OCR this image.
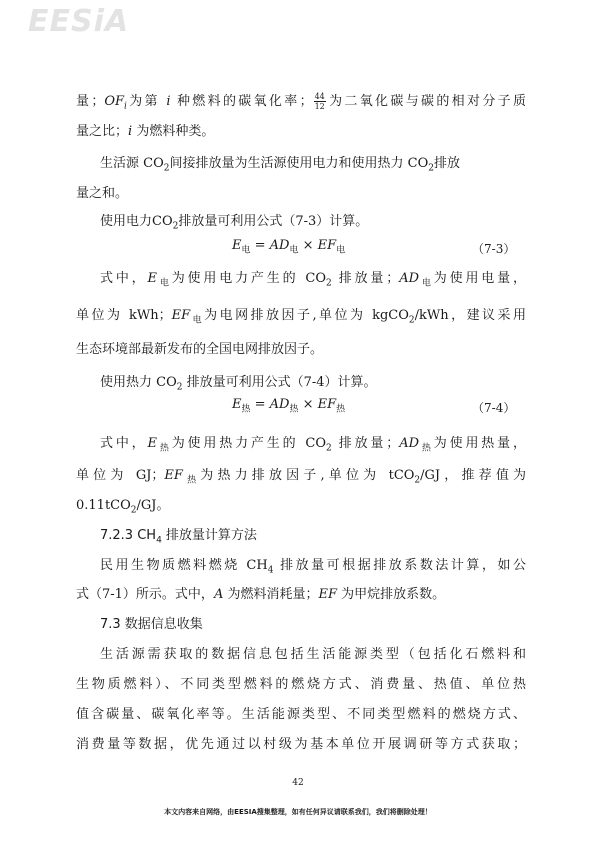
EESiA
量；$OF_i$为第 i 种燃料的碳氧化率； $\frac{44}{12}$ 为二氧化碳与碳的相对分子质
量之比；i 为燃料种类。
生活源 $CO_2$间接排放量为生活源使用电力和使用热力 $CO_2$排放
量之和。
使用电力$CO_2$排放量可利用公式（7-3）计算。
$E_电 = AD_电 \times EF_电$	（7-3）
式中，$E_电$为使用电力产生的 $CO_2$ 排放量；$AD_电$为使用电量，
单位为 kWh；$EF_电$为电网排放因子,单位为 kgCO$_2$/kWh，建议采用
生态环境部最新发布的全国电网排放因子。
使用热力 $CO_2$ 排放量可利用公式（7-4）计算。
$E_热 = AD_热 \times EF_热$	（7-4）
式中，$E_热$为使用热力产生的 $CO_2$ 排放量；$AD_热$为使用热量，
单位为 GJ；$EF_热$为热力排放因子,单位为 tCO$_2$/GJ，推荐值为
0.11tCO$_2$/GJ。
7.2.3 $CH_4$ 排放量计算方法
民用生物质燃料燃烧 $CH_4$ 排放量可根据排放系数法计算，如公
式（7-1）所示。式中，A 为燃料消耗量；EF 为甲烷排放系数。
7.3 数据信息收集
生活源需获取的数据信息包括生活能源类型（包括化石燃料和
生物质燃料）、不同类型燃料的燃烧方式、消费量、热值、单位热
值含碳量、碳氧化率等。生活能源类型、不同类型燃料的燃烧方式、
消费量等数据，优先通过以村级为基本单位开展调研等方式获取；
42
本文内容来自网络，由EESIA搜集整理，如有任何异议请联系我们，我们将删除处理！
